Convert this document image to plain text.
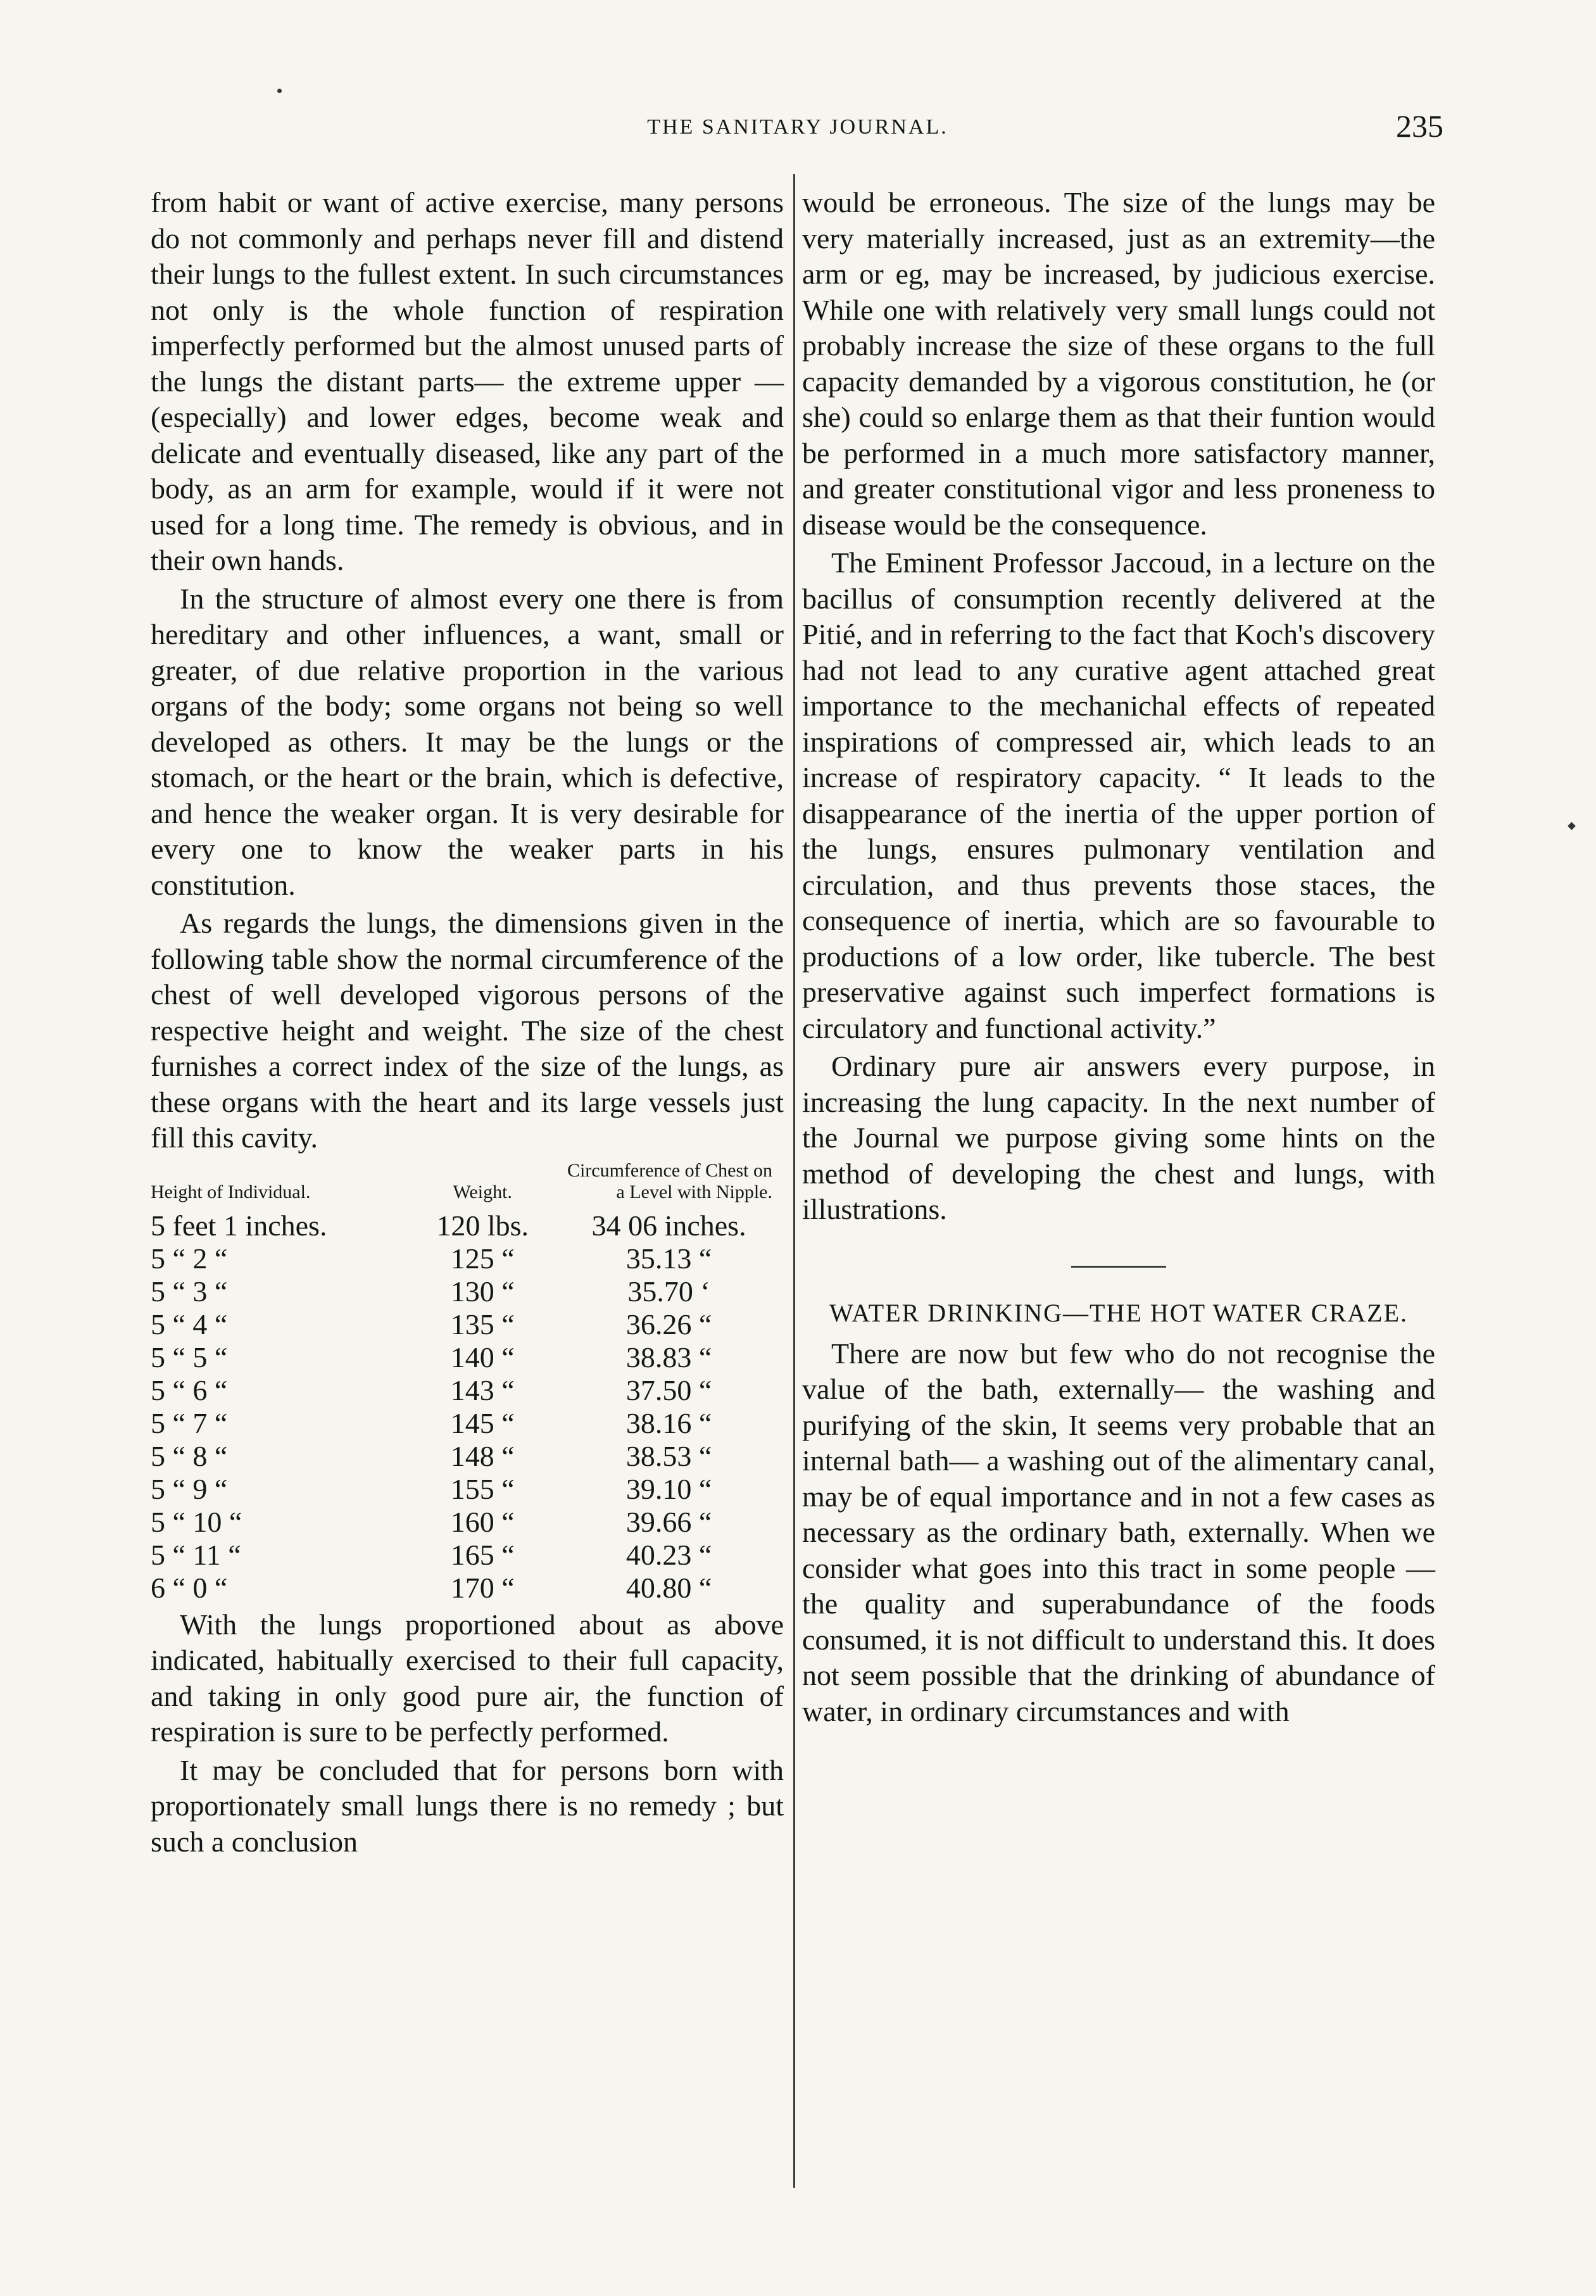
THE SANITARY JOURNAL.	235

from habit or want of active exercise, many persons do not commonly and perhaps never fill and distend their lungs to the fullest extent. In such circumstances not only is the whole function of respiration imperfectly performed but the almost unused parts of the lungs the distant parts— the extreme upper —(especially) and lower edges, become weak and delicate and eventually diseased, like any part of the body, as an arm for example, would if it were not used for a long time. The remedy is obvious, and in their own hands.

In the structure of almost every one there is from hereditary and other influences, a want, small or greater, of due relative proportion in the various organs of the body; some organs not being so well developed as others. It may be the lungs or the stomach, or the heart or the brain, which is defective, and hence the weaker organ. It is very desirable for every one to know the weaker parts in his constitution.

As regards the lungs, the dimensions given in the following table show the normal circumference of the chest of well developed vigorous persons of the respective height and weight. The size of the chest furnishes a correct index of the size of the lungs, as these organs with the heart and its large vessels just fill this cavity.

Height of Individual.	Weight.	Circumference of Chest on a Level with Nipple.
5 feet 1 inches.	120 lbs.	34 06 inches.
5 “ 2 “	125 “	35.13 “
5 “ 3 “	130 “	35.70 ‘
5 “ 4 “	135 “	36.26 “
5 “ 5 “	140 “	38.83 “
5 “ 6 “	143 “	37.50 “
5 “ 7 “	145 “	38.16 “
5 “ 8 “	148 “	38.53 “
5 “ 9 “	155 “	39.10 “
5 “ 10 “	160 “	39.66 “
5 “ 11 “	165 “	40.23 “
6 “ 0 “	170 “	40.80 “

With the lungs proportioned about as above indicated, habitually exercised to their full capacity, and taking in only good pure air, the function of respiration is sure to be perfectly performed.

It may be concluded that for persons born with proportionately small lungs there is no remedy ; but such a conclusion

would be erroneous. The size of the lungs may be very materially increased, just as an extremity—the arm or eg, may be increased, by judicious exercise. While one with relatively very small lungs could not probably increase the size of these organs to the full capacity demanded by a vigorous constitution, he (or she) could so enlarge them as that their funtion would be performed in a much more satisfactory manner, and greater constitutional vigor and less proneness to disease would be the consequence.

The Eminent Professor Jaccoud, in a lecture on the bacillus of consumption recently delivered at the Pitié, and in referring to the fact that Koch's discovery had not lead to any curative agent attached great importance to the mechanichal effects of repeated inspirations of compressed air, which leads to an increase of respiratory capacity. “ It leads to the disappearance of the inertia of the upper portion of the lungs, ensures pulmonary ventilation and circulation, and thus prevents those staces, the consequence of inertia, which are so favourable to productions of a low order, like tubercle. The best preservative against such imperfect formations is circulatory and functional activity.”

Ordinary pure air answers every purpose, in increasing the lung capacity. In the next number of the Journal we purpose giving some hints on the method of developing the chest and lungs, with illustrations.

WATER DRINKING—THE HOT WATER CRAZE.

There are now but few who do not recognise the value of the bath, externally— the washing and purifying of the skin, It seems very probable that an internal bath— a washing out of the alimentary canal, may be of equal importance and in not a few cases as necessary as the ordinary bath, externally. When we consider what goes into this tract in some people —the quality and superabundance of the foods consumed, it is not difficult to understand this. It does not seem possible that the drinking of abundance of water, in ordinary circumstances and with
